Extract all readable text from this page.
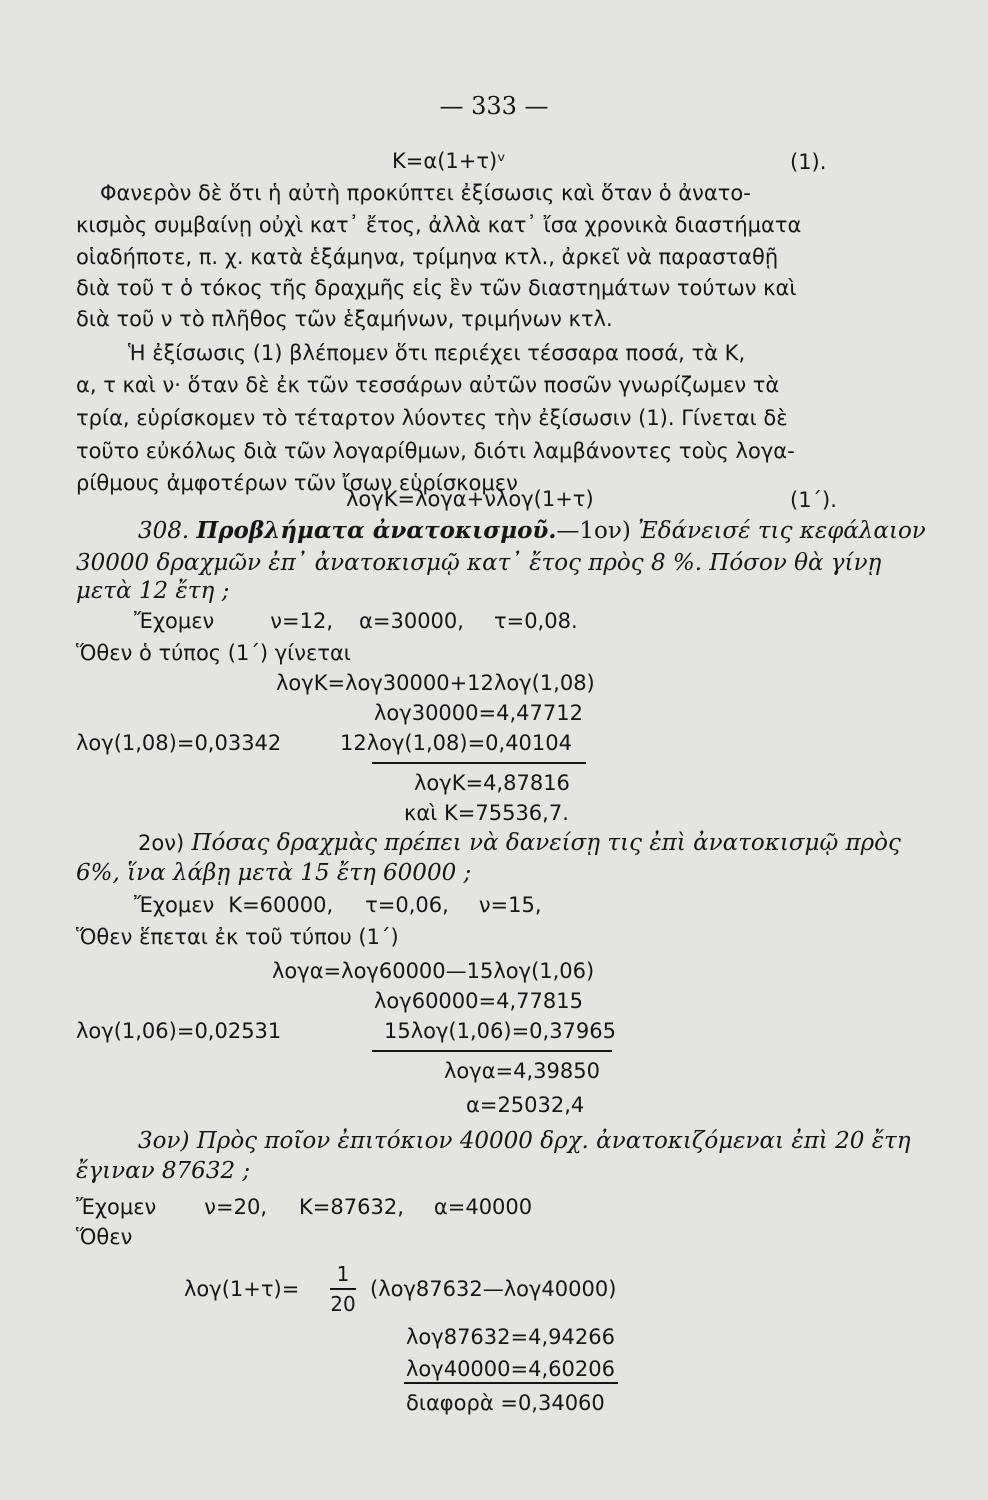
— 333 —
K=α(1+τ)ᵛ	(1).
Φανερὸν δὲ ὅτι ἡ αὐτὴ προκύπτει ἐξίσωσις καὶ ὅταν ὁ ἀνατο-
κισμὸς συμβαίνῃ οὐχὶ κατ᾿ ἔτος, ἀλλὰ κατ᾿ ἴσα χρονικὰ διαστήματα
οἱαδήποτε, π. χ. κατὰ ἑξάμηνα, τρίμηνα κτλ., ἀρκεῖ νὰ παρασταθῇ
διὰ τοῦ τ ὁ τόκος τῆς δραχμῆς εἰς ἓν τῶν διαστημάτων τούτων καὶ
διὰ τοῦ ν τὸ πλῆθος τῶν ἑξαμήνων, τριμήνων κτλ.
Ἡ ἐξίσωσις (1) βλέπομεν ὅτι περιέχει τέσσαρα ποσά, τὰ Κ,
α, τ καὶ ν· ὅταν δὲ ἐκ τῶν τεσσάρων αὐτῶν ποσῶν γνωρίζωμεν τὰ
τρία, εὑρίσκομεν τὸ τέταρτον λύοντες τὴν ἐξίσωσιν (1). Γίνεται δὲ
τοῦτο εὐκόλως διὰ τῶν λογαρίθμων, διότι λαμβάνοντες τοὺς λογα-
ρίθμους ἀμφοτέρων τῶν ἴσων εὑρίσκομεν
λογΚ=λογα+νλογ(1+τ)	(1΄).
308. Προβλήματα ἀνατοκισμοῦ.—1ον) Ἐδάνεισέ τις κεφάλαιον
30000 δραχμῶν ἐπ᾿ ἀνατοκισμῷ κατ᾿ ἔτος πρὸς 8 %. Πόσον θὰ γίνῃ
μετὰ 12 ἔτη ;
Ἔχομεν	ν=12, α=30000, τ=0,08.
Ὅθεν ὁ τύπος (1΄) γίνεται
λογΚ=λογ30000+12λογ(1,08)
λογ30000=4,47712
λογ(1,08)=0,03342	12λογ(1,08)=0,40104
λογΚ=4,87816
καὶ Κ=75536,7.
2ον) Πόσας δραχμὰς πρέπει νὰ δανείσῃ τις ἐπὶ ἀνατοκισμῷ πρὸς
6%, ἵνα λάβῃ μετὰ 15 ἔτη 60000 ;
Ἔχομεν Κ=60000, τ=0,06, ν=15,
Ὅθεν ἕπεται ἐκ τοῦ τύπου (1΄)
λογα=λογ60000—15λογ(1,06)
λογ60000=4,77815
λογ(1,06)=0,02531	15λογ(1,06)=0,37965
λογα=4,39850
α=25032,4
3ον) Πρὸς ποῖον ἐπιτόκιον 40000 δρχ. ἀνατοκιζόμεναι ἐπὶ 20 ἔτη
ἔγιναν 87632 ;
Ἔχομεν ν=20, Κ=87632, α=40000
Ὅθεν
λογ(1+τ)=
1
20
(λογ87632—λογ40000)
λογ87632=4,94266
λογ40000=4,60206
διαφορὰ =0,34060
